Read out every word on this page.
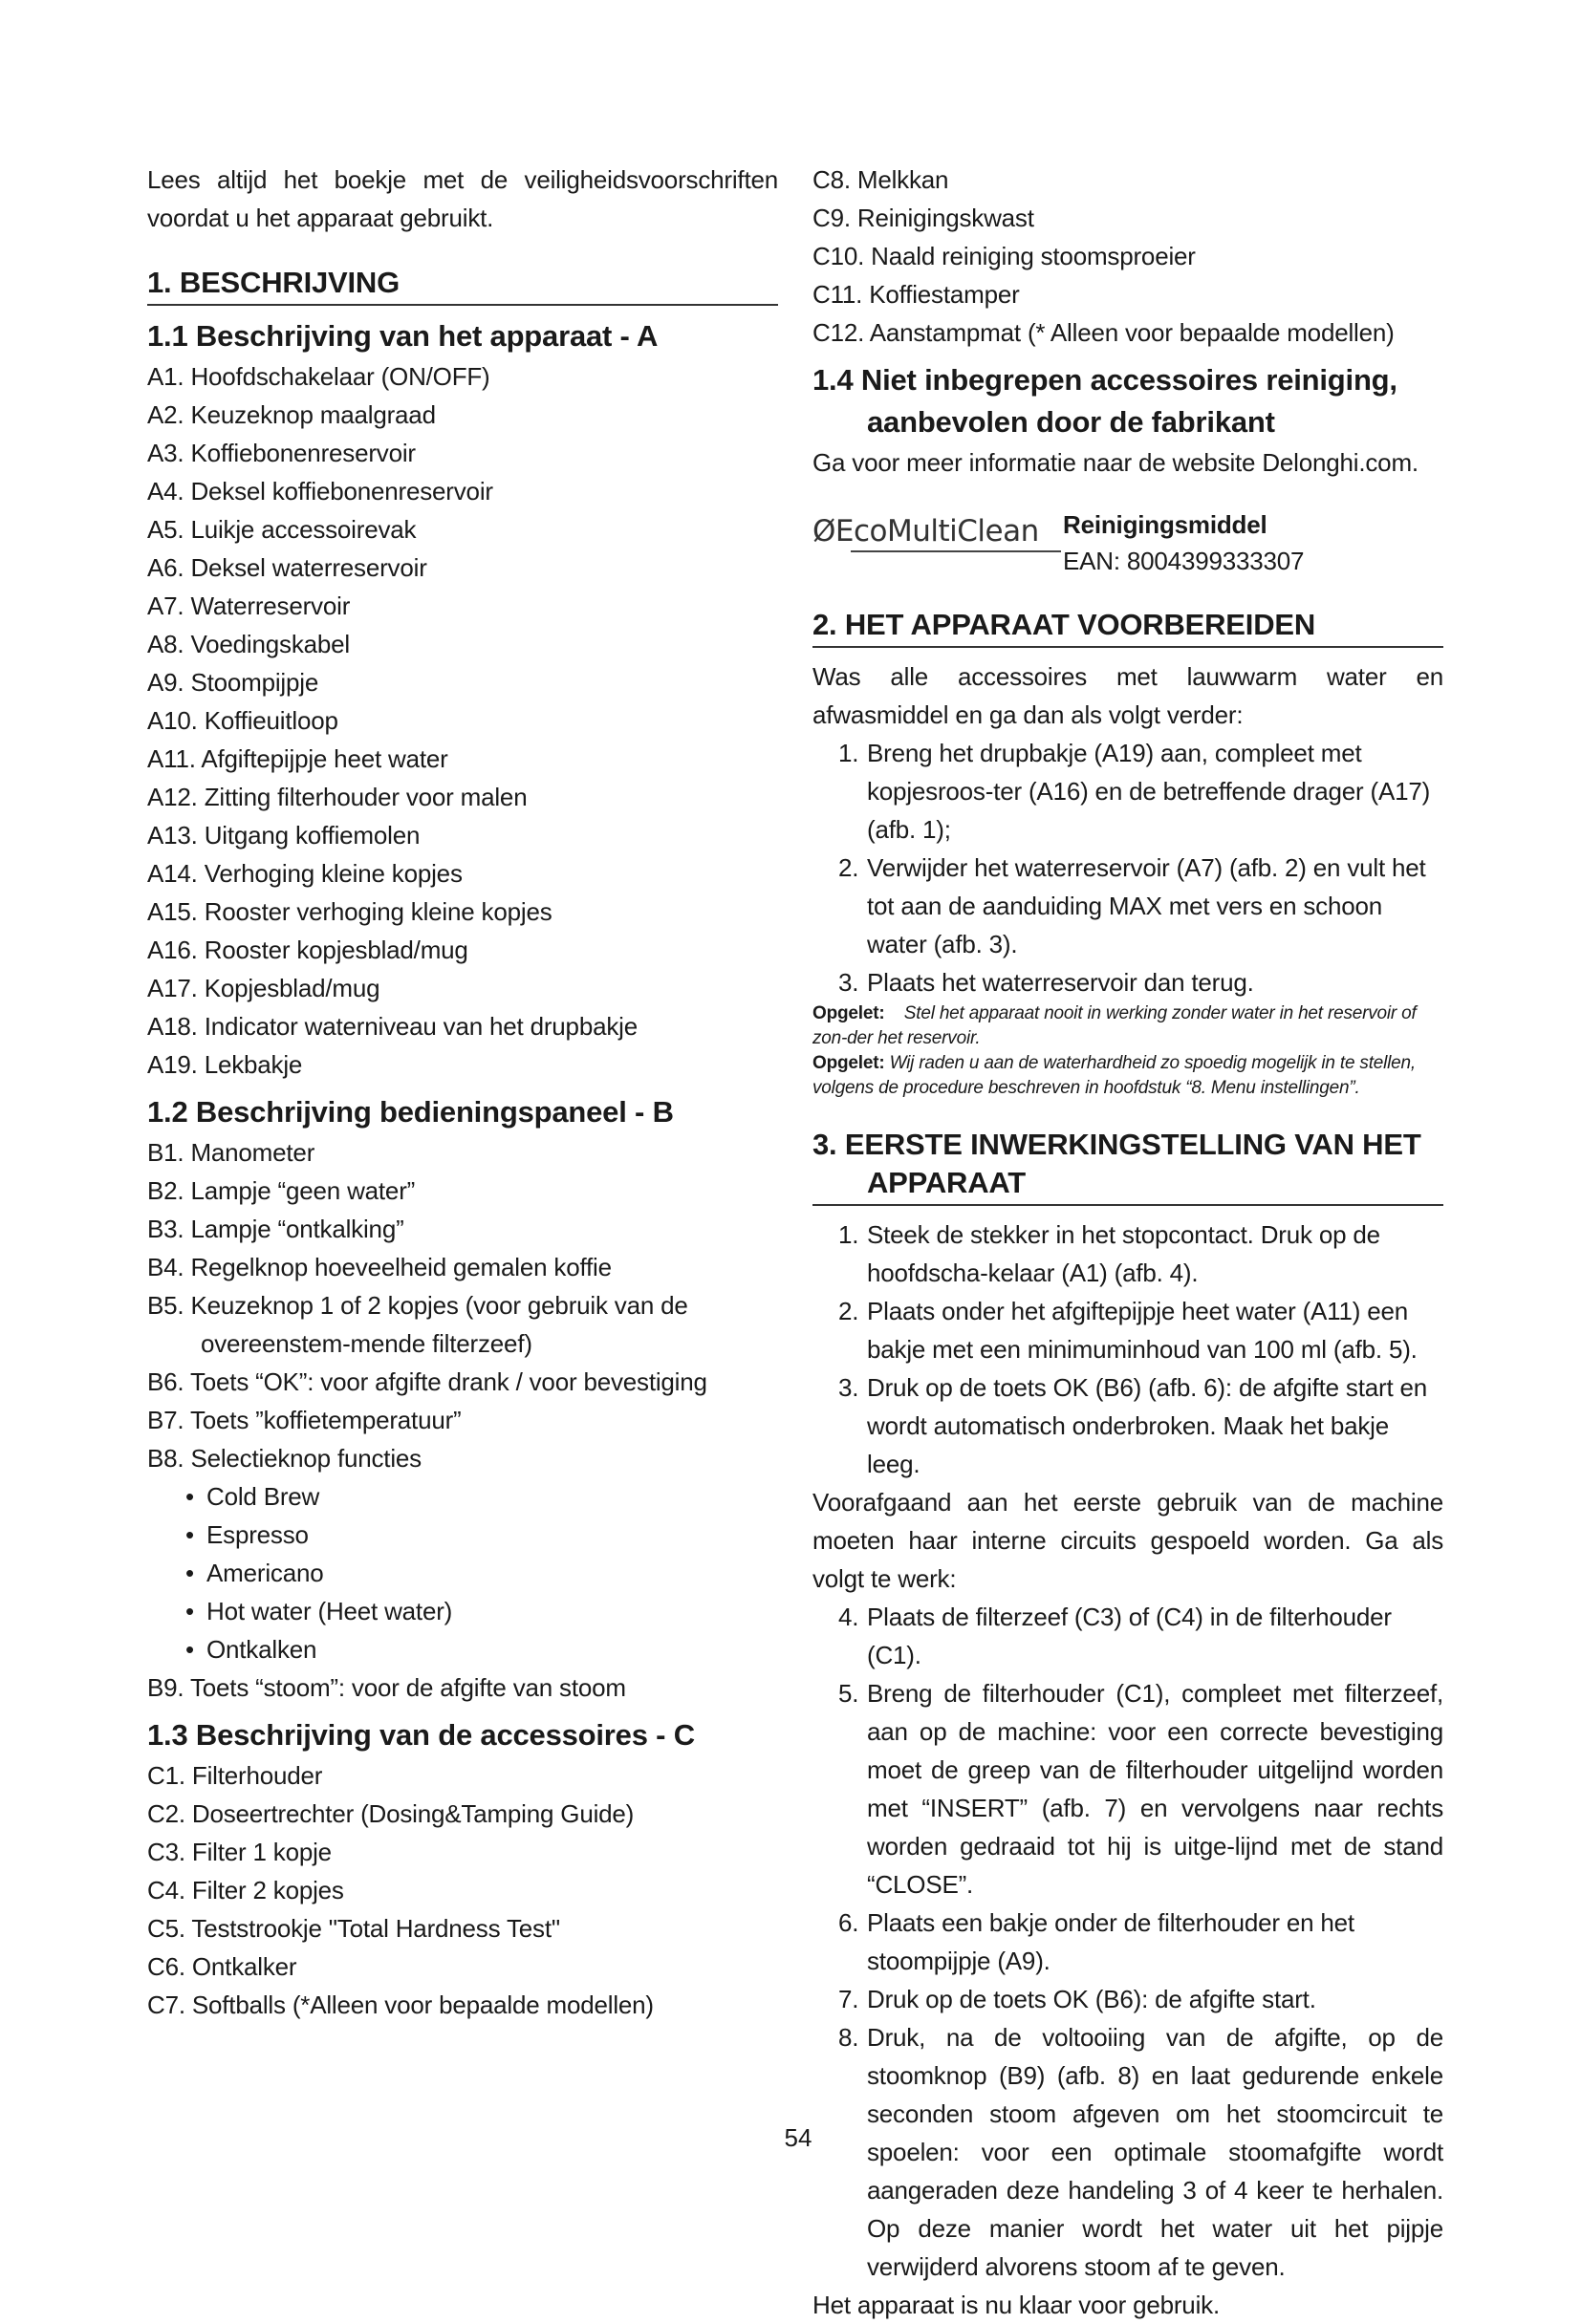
Lees altijd het boekje met de veiligheidsvoorschriften voordat u het apparaat gebruikt.

1. BESCHRIJVING
1.1 Beschrijving van het apparaat - A
A1. Hoofdschakelaar (ON/OFF)
A2. Keuzeknop maalgraad
A3. Koffiebonenreservoir
A4. Deksel koffiebonenreservoir
A5. Luikje accessoirevak
A6. Deksel waterreservoir
A7. Waterreservoir
A8. Voedingskabel
A9. Stoompijpje
A10. Koffieuitloop
A11. Afgiftepijpje heet water
A12. Zitting filterhouder voor malen
A13. Uitgang koffiemolen
A14. Verhoging kleine kopjes
A15. Rooster verhoging kleine kopjes
A16. Rooster kopjesblad/mug
A17. Kopjesblad/mug
A18. Indicator waterniveau van het drupbakje
A19. Lekbakje
1.2 Beschrijving bedieningspaneel - B
B1. Manometer
B2. Lampje “geen water”
B3. Lampje “ontkalking”
B4. Regelknop hoeveelheid gemalen koffie
B5. Keuzeknop 1 of 2 kopjes (voor gebruik van de overeenstem-mende filterzeef)
B6. Toets “OK”: voor afgifte drank / voor bevestiging
B7. Toets ”koffietemperatuur”
B8. Selectieknop functies
• Cold Brew
• Espresso
• Americano
• Hot water (Heet water)
• Ontkalken
B9. Toets “stoom”: voor de afgifte van stoom
1.3 Beschrijving van de accessoires - C
C1. Filterhouder
C2. Doseertrechter (Dosing&Tamping Guide)
C3. Filter 1 kopje
C4. Filter 2 kopjes
C5. Teststrookje "Total Hardness Test"
C6. Ontkalker
C7. Softballs (*Alleen voor bepaalde modellen)
C8. Melkkan
C9. Reinigingskwast
C10. Naald reiniging stoomsproeier
C11. Koffiestamper
C12. Aanstampmat (* Alleen voor bepaalde modellen)
1.4 Niet inbegrepen accessoires reiniging,
aanbevolen door de fabrikant

Ga voor meer informatie naar de website Delonghi.com.

ØEcoMultiClean Reinigingsmiddel
EAN: 8004399333307
2. HET APPARAAT VOORBEREIDEN

Was alle accessoires met lauwwarm water en afwasmiddel en ga dan als volgt verder:

1. Breng het drupbakje (A19) aan, compleet met kopjesroos-ter (A16) en de betreffende drager (A17) (afb. 1);
2. Verwijder het waterreservoir (A7) (afb. 2) en vult het tot aan de aanduiding MAX met vers en schoon water (afb. 3).
3. Plaats het waterreservoir dan terug.

Opgelet: Stel het apparaat nooit in werking zonder water in het reservoir of zon-der het reservoir.

Opgelet: Wij raden u aan de waterhardheid zo spoedig mogelijk in te stellen, volgens de procedure beschreven in hoofdstuk “8. Menu instellingen”.

3. EERSTE INWERKINGSTELLING VAN HET
APPARAAT
1. Steek de stekker in het stopcontact. Druk op de hoofdscha-kelaar (A1) (afb. 4).
2. Plaats onder het afgiftepijpje heet water (A11) een bakje met een minimuminhoud van 100 ml (afb. 5).
3. Druk op de toets OK (B6) (afb. 6): de afgifte start en wordt automatisch onderbroken. Maak het bakje leeg.

Voorafgaand aan het eerste gebruik van de machine moeten haar interne circuits gespoeld worden. Ga als volgt te werk:

4. Plaats de filterzeef (C3) of (C4) in de filterhouder (C1).
5. Breng de filterhouder (C1), compleet met filterzeef, aan op de machine: voor een correcte bevestiging moet de greep van de filterhouder uitgelijnd worden met “INSERT” (afb. 7) en vervolgens naar rechts worden gedraaid tot hij is uitge-lijnd met de stand “CLOSE”.
6. Plaats een bakje onder de filterhouder en het stoompijpje (A9).
7. Druk op de toets OK (B6): de afgifte start.
8. Druk, na de voltooiing van de afgifte, op de stoomknop (B9) (afb. 8) en laat gedurende enkele seconden stoom afgeven om het stoomcircuit te spoelen: voor een optimale stoomafgifte wordt aangeraden deze handeling 3 of 4 keer te herhalen. Op deze manier wordt het water uit het pijpje verwijderd alvorens stoom af te geven.

Het apparaat is nu klaar voor gebruik.

54
